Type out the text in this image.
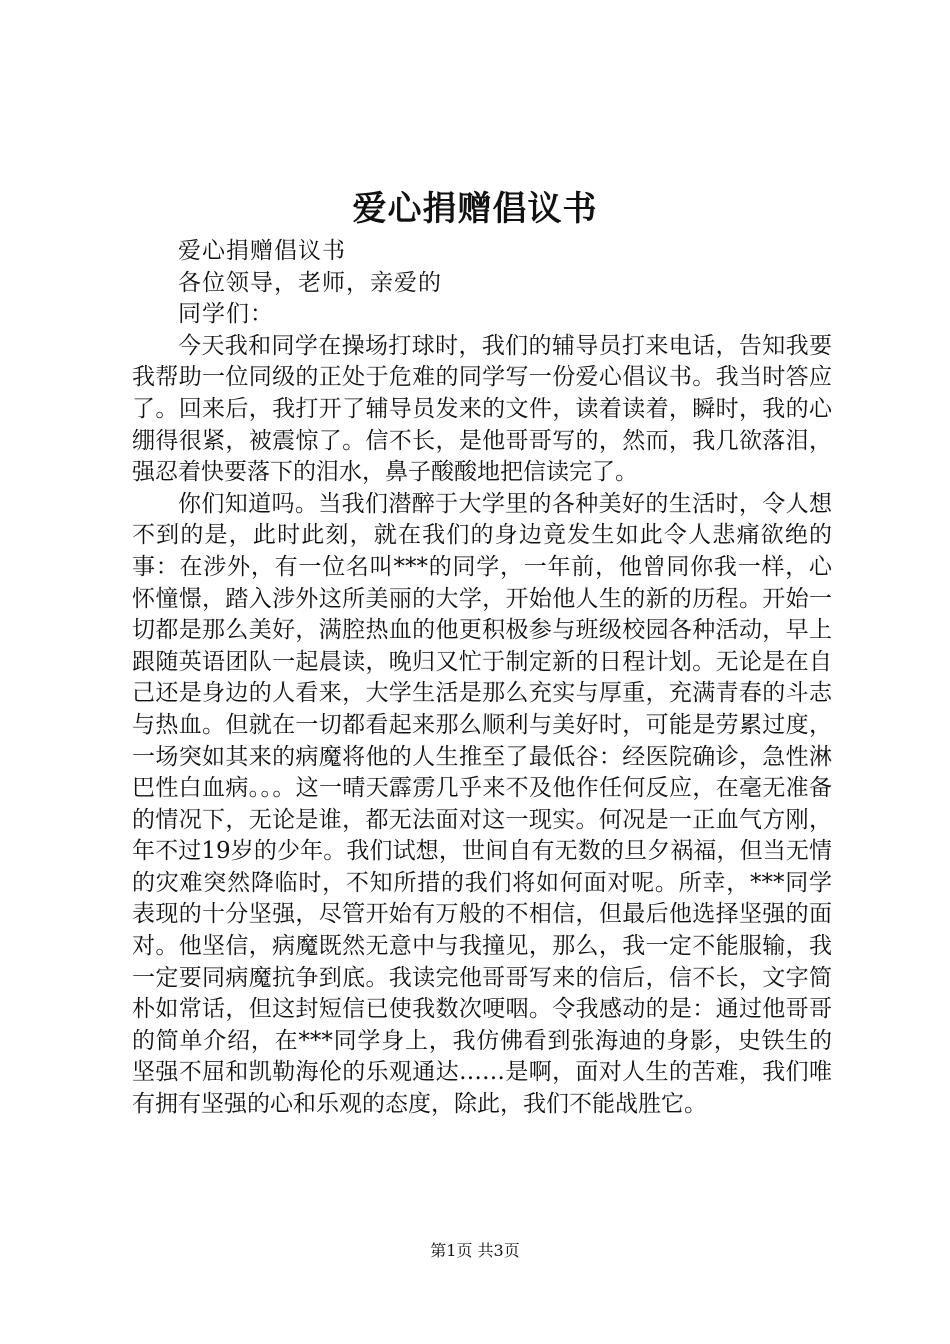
爱心捐赠倡议书

爱心捐赠倡议书

各位领导，老师，亲爱的

同学们：

今天我和同学在操场打球时，我们的辅导员打来电话，告知我要我帮助一位同级的正处于危难的同学写一份爱心倡议书。我当时答应了。回来后，我打开了辅导员发来的文件，读着读着，瞬时，我的心绷得很紧，被震惊了。信不长，是他哥哥写的，然而，我几欲落泪，强忍着快要落下的泪水，鼻子酸酸地把信读完了。

你们知道吗。当我们潜醉于大学里的各种美好的生活时，令人想不到的是，此时此刻，就在我们的身边竟发生如此令人悲痛欲绝的事：在涉外，有一位名叫***的同学，一年前，他曾同你我一样，心怀憧憬，踏入涉外这所美丽的大学，开始他人生的新的历程。开始一切都是那么美好，满腔热血的他更积极参与班级校园各种活动，早上跟随英语团队一起晨读，晚归又忙于制定新的日程计划。无论是在自己还是身边的人看来，大学生活是那么充实与厚重，充满青春的斗志与热血。但就在一切都看起来那么顺利与美好时，可能是劳累过度，一场突如其来的病魔将他的人生推至了最低谷：经医院确诊，急性淋巴性白血病。。。这一晴天霹雳几乎来不及他作任何反应，在毫无准备的情况下，无论是谁，都无法面对这一现实。何况是一正血气方刚，年不过19岁的少年。我们试想，世间自有无数的旦夕祸福，但当无情的灾难突然降临时，不知所措的我们将如何面对呢。所幸，***同学表现的十分坚强，尽管开始有万般的不相信，但最后他选择坚强的面对。他坚信，病魔既然无意中与我撞见，那么，我一定不能服输，我一定要同病魔抗争到底。我读完他哥哥写来的信后，信不长，文字简朴如常话，但这封短信已使我数次哽咽。令我感动的是：通过他哥哥的简单介绍，在***同学身上，我仿佛看到张海迪的身影，史铁生的坚强不屈和凯勒海伦的乐观通达……是啊，面对人生的苦难，我们唯有拥有坚强的心和乐观的态度，除此，我们不能战胜它。

第1页 共3页
